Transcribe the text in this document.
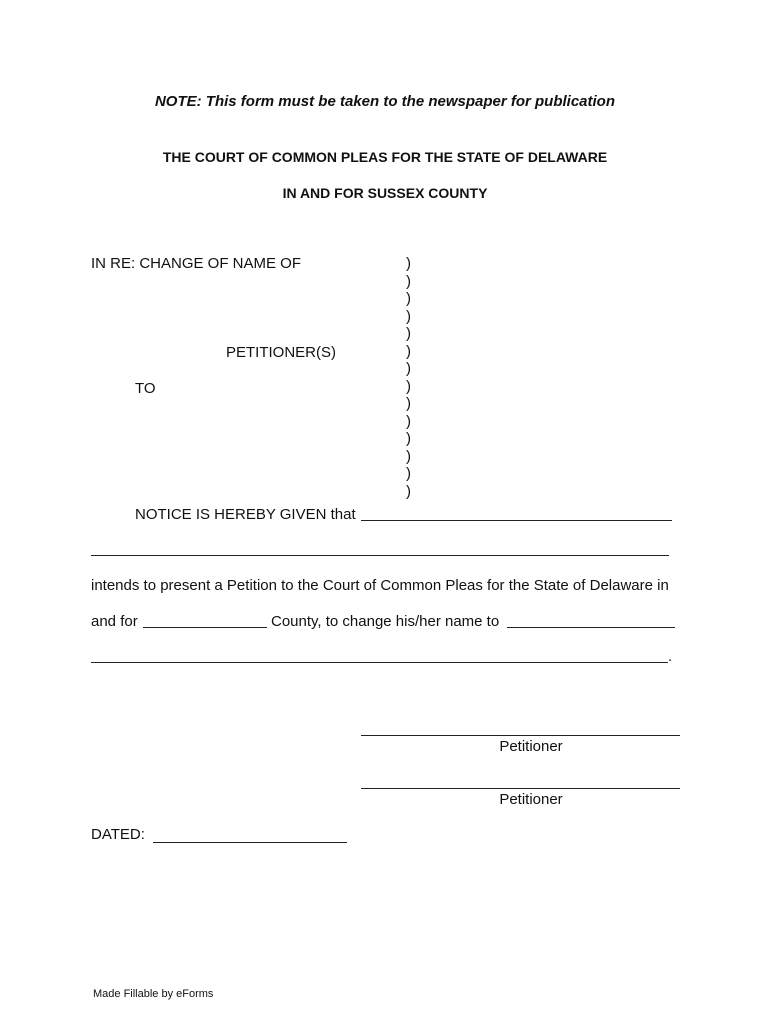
NOTE: This form must be taken to the newspaper for publication
THE COURT OF COMMON PLEAS FOR THE STATE OF DELAWARE
IN AND FOR SUSSEX COUNTY
IN RE: CHANGE OF NAME OF	)
)
)
)
)
)
)
)
)
)
)
)
)
)
PETITIONER(S)
TO
NOTICE IS HEREBY GIVEN that
intends to present a Petition to the Court of Common Pleas for the State of Delaware in
and for	County, to change his/her name to
.
Petitioner
Petitioner
DATED:
Made Fillable by eForms
